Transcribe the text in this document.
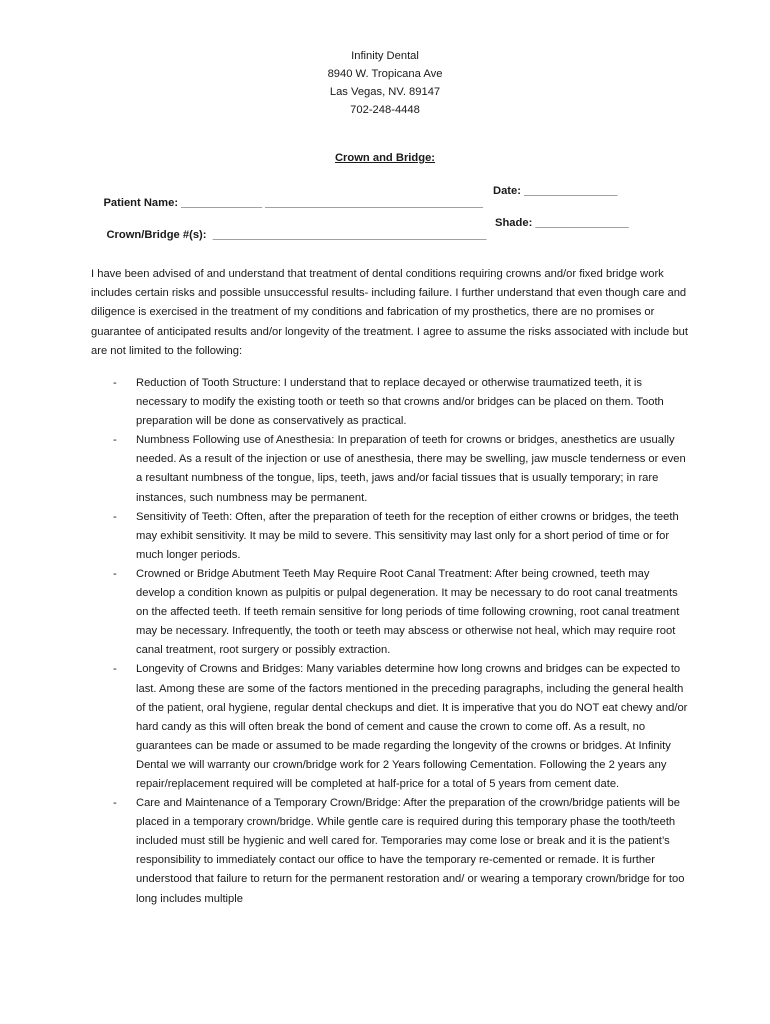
Infinity Dental
8940 W. Tropicana Ave
Las Vegas, NV. 89147
702-248-4448
Crown and Bridge:

Patient Name: _____________ ___________________________________

Date: _______________

Crown/Bridge #(s):  ____________________________________________

Shade: _______________

I have been advised of and understand that treatment of dental conditions requiring crowns and/or fixed bridge work includes certain risks and possible unsuccessful results- including failure. I further understand that even though care and diligence is exercised in the treatment of my conditions and fabrication of my prosthetics, there are no promises or guarantee of anticipated results and/or longevity of the treatment. I agree to assume the risks associated with include but are not limited to the following:

- Reduction of Tooth Structure: I understand that to replace decayed or otherwise traumatized teeth, it is necessary to modify the existing tooth or teeth so that crowns and/or bridges can be placed on them. Tooth preparation will be done as conservatively as practical.
- Numbness Following use of Anesthesia: In preparation of teeth for crowns or bridges, anesthetics are usually needed. As a result of the injection or use of anesthesia, there may be swelling, jaw muscle tenderness or even a resultant numbness of the tongue, lips, teeth, jaws and/or facial tissues that is usually temporary; in rare instances, such numbness may be permanent.
- Sensitivity of Teeth: Often, after the preparation of teeth for the reception of either crowns or bridges, the teeth may exhibit sensitivity. It may be mild to severe. This sensitivity may last only for a short period of time or for much longer periods.
- Crowned or Bridge Abutment Teeth May Require Root Canal Treatment: After being crowned, teeth may develop a condition known as pulpitis or pulpal degeneration. It may be necessary to do root canal treatments on the affected teeth. If teeth remain sensitive for long periods of time following crowning, root canal treatment may be necessary. Infrequently, the tooth or teeth may abscess or otherwise not heal, which may require root canal treatment, root surgery or possibly extraction.
- Longevity of Crowns and Bridges: Many variables determine how long crowns and bridges can be expected to last. Among these are some of the factors mentioned in the preceding paragraphs, including the general health of the patient, oral hygiene, regular dental checkups and diet. It is imperative that you do NOT eat chewy and/or hard candy as this will often break the bond of cement and cause the crown to come off. As a result, no guarantees can be made or assumed to be made regarding the longevity of the crowns or bridges. At Infinity Dental we will warranty our crown/bridge work for 2 Years following Cementation. Following the 2 years any repair/replacement required will be completed at half-price for a total of 5 years from cement date.
- Care and Maintenance of a Temporary Crown/Bridge: After the preparation of the crown/bridge patients will be placed in a temporary crown/bridge. While gentle care is required during this temporary phase the tooth/teeth included must still be hygienic and well cared for. Temporaries may come lose or break and it is the patient’s responsibility to immediately contact our office to have the temporary re-cemented or remade. It is further understood that failure to return for the permanent restoration and/ or wearing a temporary crown/bridge for too long includes multiple
